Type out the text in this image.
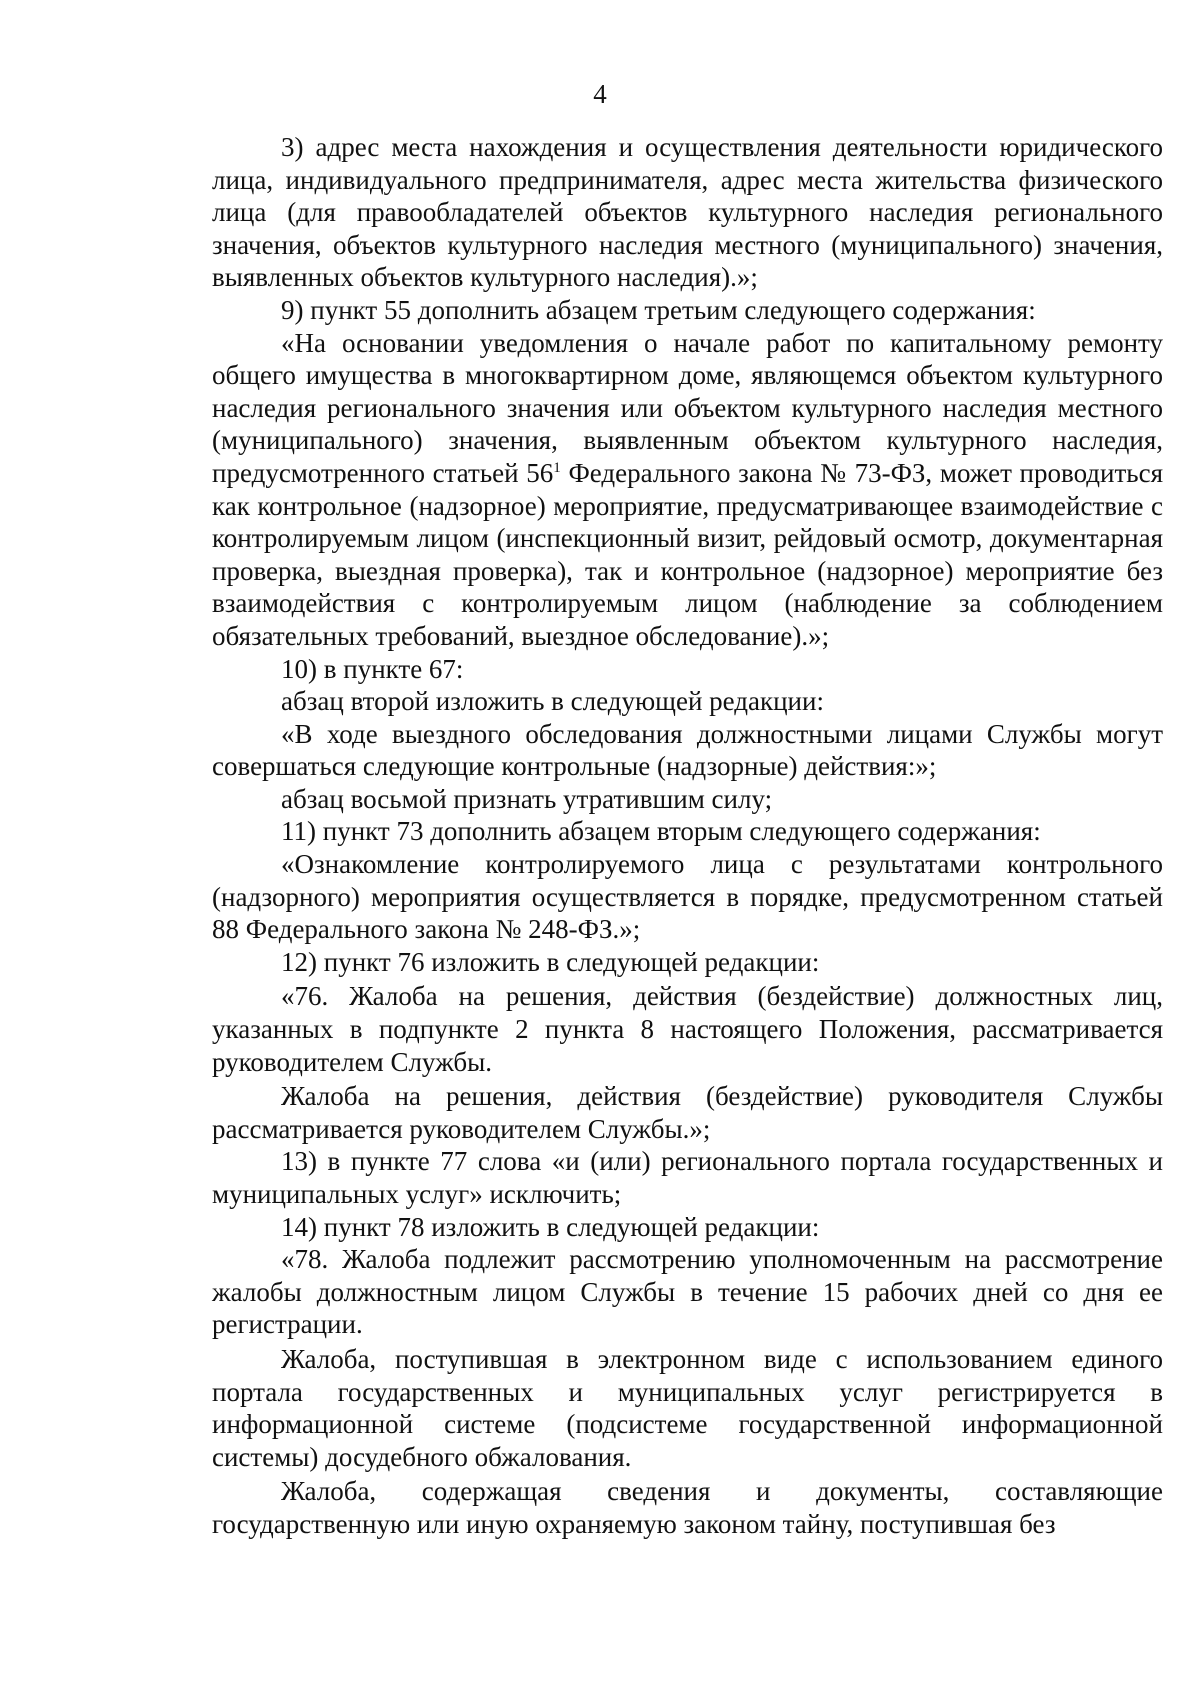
4

3) адрес места нахождения и осуществления деятельности юридического лица, индивидуального предпринимателя, адрес места жительства физического лица (для правообладателей объектов культурного наследия регионального значения, объектов культурного наследия местного (муниципального) значения, выявленных объектов культурного наследия).»;

9) пункт 55 дополнить абзацем третьим следующего содержания:

«На основании уведомления о начале работ по капитальному ремонту общего имущества в многоквартирном доме, являющемся объектом культурного наследия регионального значения или объектом культурного наследия местного (муниципального) значения, выявленным объектом культурного наследия, предусмотренного статьей $56^1$ Федерального закона № 73-ФЗ, может проводиться как контрольное (надзорное) мероприятие, предусматривающее взаимодействие с контролируемым лицом (инспекционный визит, рейдовый осмотр, документарная проверка, выездная проверка), так и контрольное (надзорное) мероприятие без взаимодействия с контролируемым лицом (наблюдение за соблюдением обязательных требований, выездное обследование).»;

10) в пункте 67:

абзац второй изложить в следующей редакции:

«В ходе выездного обследования должностными лицами Службы могут совершаться следующие контрольные (надзорные) действия:»;

абзац восьмой признать утратившим силу;

11) пункт 73 дополнить абзацем вторым следующего содержания:

«Ознакомление контролируемого лица с результатами контрольного (надзорного) мероприятия осуществляется в порядке, предусмотренном статьей 88 Федерального закона № 248-ФЗ.»;

12) пункт 76 изложить в следующей редакции:

«76. Жалоба на решения, действия (бездействие) должностных лиц, указанных в подпункте 2 пункта 8 настоящего Положения, рассматривается руководителем Службы.

Жалоба на решения, действия (бездействие) руководителя Службы рассматривается руководителем Службы.»;

13) в пункте 77 слова «и (или) регионального портала государственных и муниципальных услуг» исключить;

14) пункт 78 изложить в следующей редакции:

«78. Жалоба подлежит рассмотрению уполномоченным на рассмотрение жалобы должностным лицом Службы в течение 15 рабочих дней со дня ее регистрации.

Жалоба, поступившая в электронном виде с использованием единого портала государственных и муниципальных услуг регистрируется в информационной системе (подсистеме государственной информационной системы) досудебного обжалования.

Жалоба, содержащая сведения и документы, составляющие государственную или иную охраняемую законом тайну, поступившая без
